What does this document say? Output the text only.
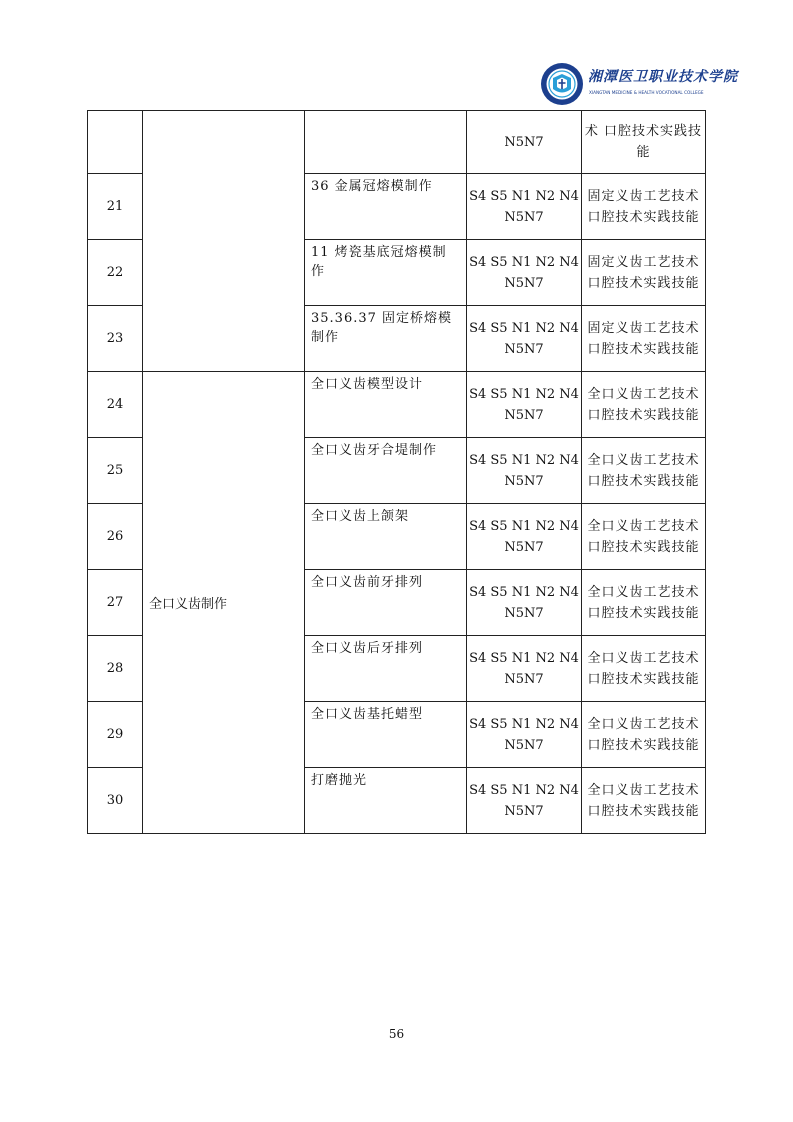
湘潭医卫职业技术学院
XIANGTAN MEDICINE & HEALTH VOCATIONAL COLLEGE
			N5N7	术 口腔技术实践技能
21		36 金属冠熔模制作	S4 S5 N1 N2 N4 N5N7	固定义齿工艺技术 口腔技术实践技能
22		11 烤瓷基底冠熔模制作	S4 S5 N1 N2 N4 N5N7	固定义齿工艺技术 口腔技术实践技能
23		35.36.37 固定桥熔模制作	S4 S5 N1 N2 N4 N5N7	固定义齿工艺技术 口腔技术实践技能
24	全口义齿制作	全口义齿模型设计	S4 S5 N1 N2 N4 N5N7	全口义齿工艺技术 口腔技术实践技能
25		全口义齿牙合堤制作	S4 S5 N1 N2 N4 N5N7	全口义齿工艺技术 口腔技术实践技能
26		全口义齿上颌架	S4 S5 N1 N2 N4 N5N7	全口义齿工艺技术 口腔技术实践技能
27		全口义齿前牙排列	S4 S5 N1 N2 N4 N5N7	全口义齿工艺技术 口腔技术实践技能
28		全口义齿后牙排列	S4 S5 N1 N2 N4 N5N7	全口义齿工艺技术 口腔技术实践技能
29		全口义齿基托蜡型	S4 S5 N1 N2 N4 N5N7	全口义齿工艺技术 口腔技术实践技能
30		打磨抛光	S4 S5 N1 N2 N4 N5N7	全口义齿工艺技术 口腔技术实践技能
56
